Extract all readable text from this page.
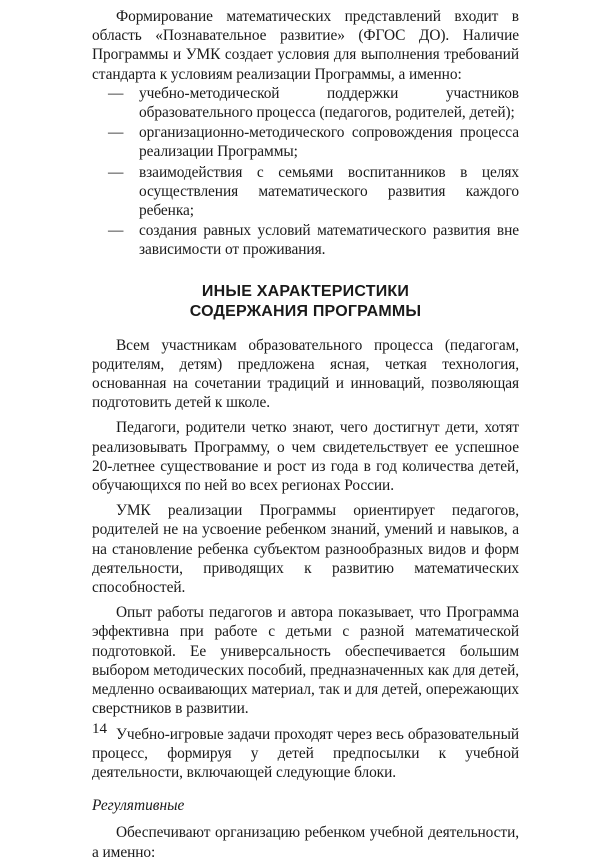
Формирование математических представлений входит в область «Познавательное развитие» (ФГОС ДО). Наличие Программы и УМК создает условия для выполнения требований стандарта к условиям реализации Программы, а именно:

— учебно-методической поддержки участников образовательного процесса (педагогов, родителей, детей);
— организационно-методического сопровождения процесса реализации Программы;
— взаимодействия с семьями воспитанников в целях осуществления математического развития каждого ребенка;
— создания равных условий математического развития вне зависимости от проживания.
ИНЫЕ ХАРАКТЕРИСТИКИ
СОДЕРЖАНИЯ ПРОГРАММЫ

Всем участникам образовательного процесса (педагогам, родителям, детям) предложена ясная, четкая технология, основанная на сочетании традиций и инноваций, позволяющая подготовить детей к школе.

Педагоги, родители четко знают, чего достигнут дети, хотят реализовывать Программу, о чем свидетельствует ее успешное 20-летнее существование и рост из года в год количества детей, обучающихся по ней во всех регионах России.

УМК реализации Программы ориентирует педагогов, родителей не на усвоение ребенком знаний, умений и навыков, а на становление ребенка субъектом разнообразных видов и форм деятельности, приводящих к развитию математических способностей.

Опыт работы педагогов и автора показывает, что Программа эффективна при работе с детьми с разной математической подготовкой. Ее универсальность обеспечивается большим выбором методических пособий, предназначенных как для детей, медленно осваивающих материал, так и для детей, опережающих сверстников в развитии.

Учебно-игровые задачи проходят через весь образовательный процесс, формируя у детей предпосылки к учебной деятельности, включающей следующие блоки.

Регулятивные

Обеспечивают организацию ребенком учебной деятельности, а именно:

14
